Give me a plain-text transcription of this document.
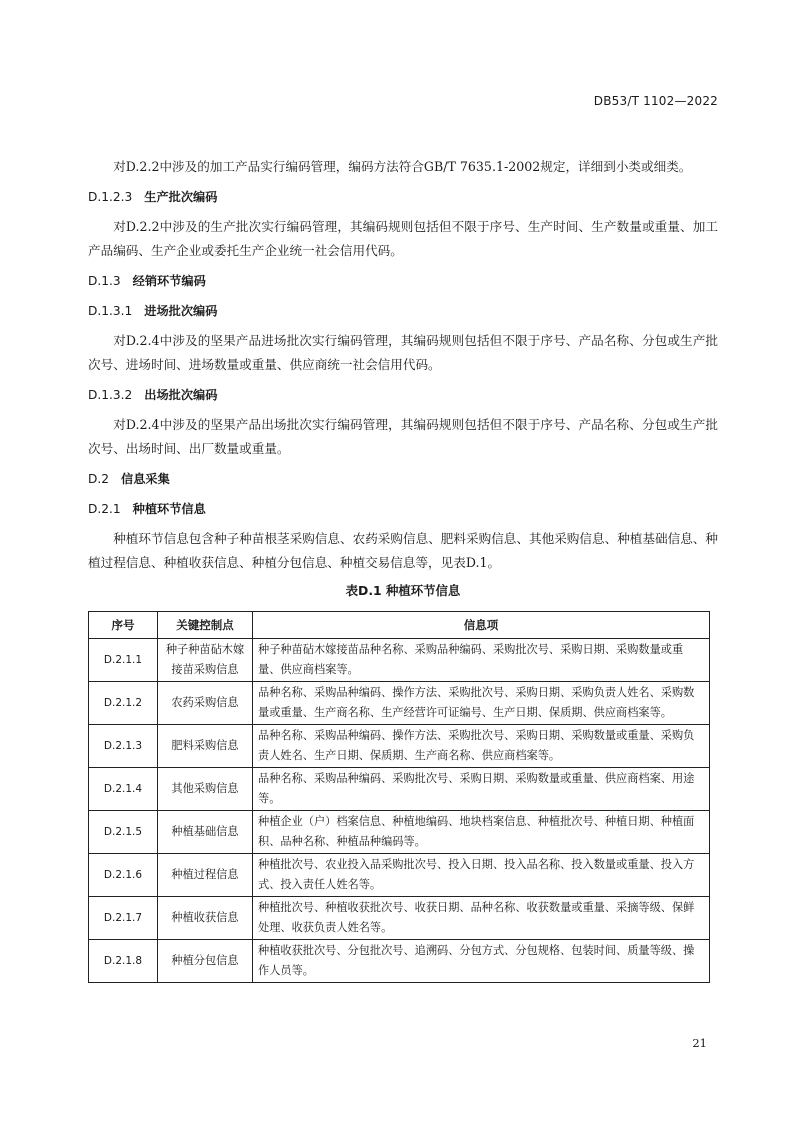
DB53/T 1102—2022

对D.2.2中涉及的加工产品实行编码管理，编码方法符合GB/T 7635.1-2002规定，详细到小类或细类。

D.1.2.3 生产批次编码

对D.2.2中涉及的生产批次实行编码管理，其编码规则包括但不限于序号、生产时间、生产数量或重量、加工产品编码、生产企业或委托生产企业统一社会信用代码。

D.1.3 经销环节编码
D.1.3.1 进场批次编码

对D.2.4中涉及的坚果产品进场批次实行编码管理，其编码规则包括但不限于序号、产品名称、分包或生产批次号、进场时间、进场数量或重量、供应商统一社会信用代码。

D.1.3.2 出场批次编码

对D.2.4中涉及的坚果产品出场批次实行编码管理，其编码规则包括但不限于序号、产品名称、分包或生产批次号、出场时间、出厂数量或重量。

D.2 信息采集
D.2.1 种植环节信息

种植环节信息包含种子种苗根茎采购信息、农药采购信息、肥料采购信息、其他采购信息、种植基础信息、种植过程信息、种植收获信息、种植分包信息、种植交易信息等，见表D.1。

表D.1 种植环节信息
序号	关键控制点	信息项
D.2.1.1	种子种苗砧木嫁接苗采购信息	种子种苗砧木嫁接苗品种名称、采购品种编码、采购批次号、采购日期、采购数量或重量、供应商档案等。
D.2.1.2	农药采购信息	品种名称、采购品种编码、操作方法、采购批次号、采购日期、采购负责人姓名、采购数量或重量、生产商名称、生产经营许可证编号、生产日期、保质期、供应商档案等。
D.2.1.3	肥料采购信息	品种名称、采购品种编码、操作方法、采购批次号、采购日期、采购数量或重量、采购负责人姓名、生产日期、保质期、生产商名称、供应商档案等。
D.2.1.4	其他采购信息	品种名称、采购品种编码、采购批次号、采购日期、采购数量或重量、供应商档案、用途等。
D.2.1.5	种植基础信息	种植企业（户）档案信息、种植地编码、地块档案信息、种植批次号、种植日期、种植面积、品种名称、种植品种编码等。
D.2.1.6	种植过程信息	种植批次号、农业投入品采购批次号、投入日期、投入品名称、投入数量或重量、投入方式、投入责任人姓名等。
D.2.1.7	种植收获信息	种植批次号、种植收获批次号、收获日期、品种名称、收获数量或重量、采摘等级、保鲜处理、收获负责人姓名等。
D.2.1.8	种植分包信息	种植收获批次号、分包批次号、追溯码、分包方式、分包规格、包装时间、质量等级、操作人员等。
21
